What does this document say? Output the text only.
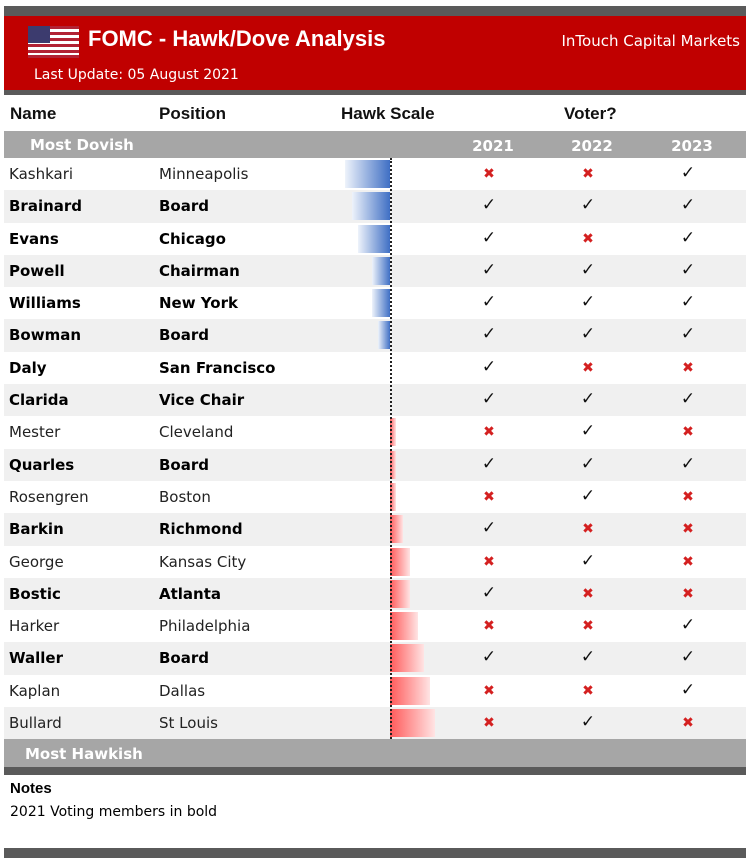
FOMC - Hawk/Dove Analysis	InTouch Capital Markets
Last Update: 05 August 2021
Name	Position	Hawk Scale	Voter?
Most Dovish	2021	2022	2023
Kashkari	Minneapolis	✖	✖	✓
Brainard	Board	✓	✓	✓
Evans	Chicago	✓	✖	✓
Powell	Chairman	✓	✓	✓
Williams	New York	✓	✓	✓
Bowman	Board	✓	✓	✓
Daly	San Francisco	✓	✖	✖
Clarida	Vice Chair	✓	✓	✓
Mester	Cleveland	✖	✓	✖
Quarles	Board	✓	✓	✓
Rosengren	Boston	✖	✓	✖
Barkin	Richmond	✓	✖	✖
George	Kansas City	✖	✓	✖
Bostic	Atlanta	✓	✖	✖
Harker	Philadelphia	✖	✖	✓
Waller	Board	✓	✓	✓
Kaplan	Dallas	✖	✖	✓
Bullard	St Louis	✖	✓	✖
Most Hawkish
Notes
2021 Voting members in bold
